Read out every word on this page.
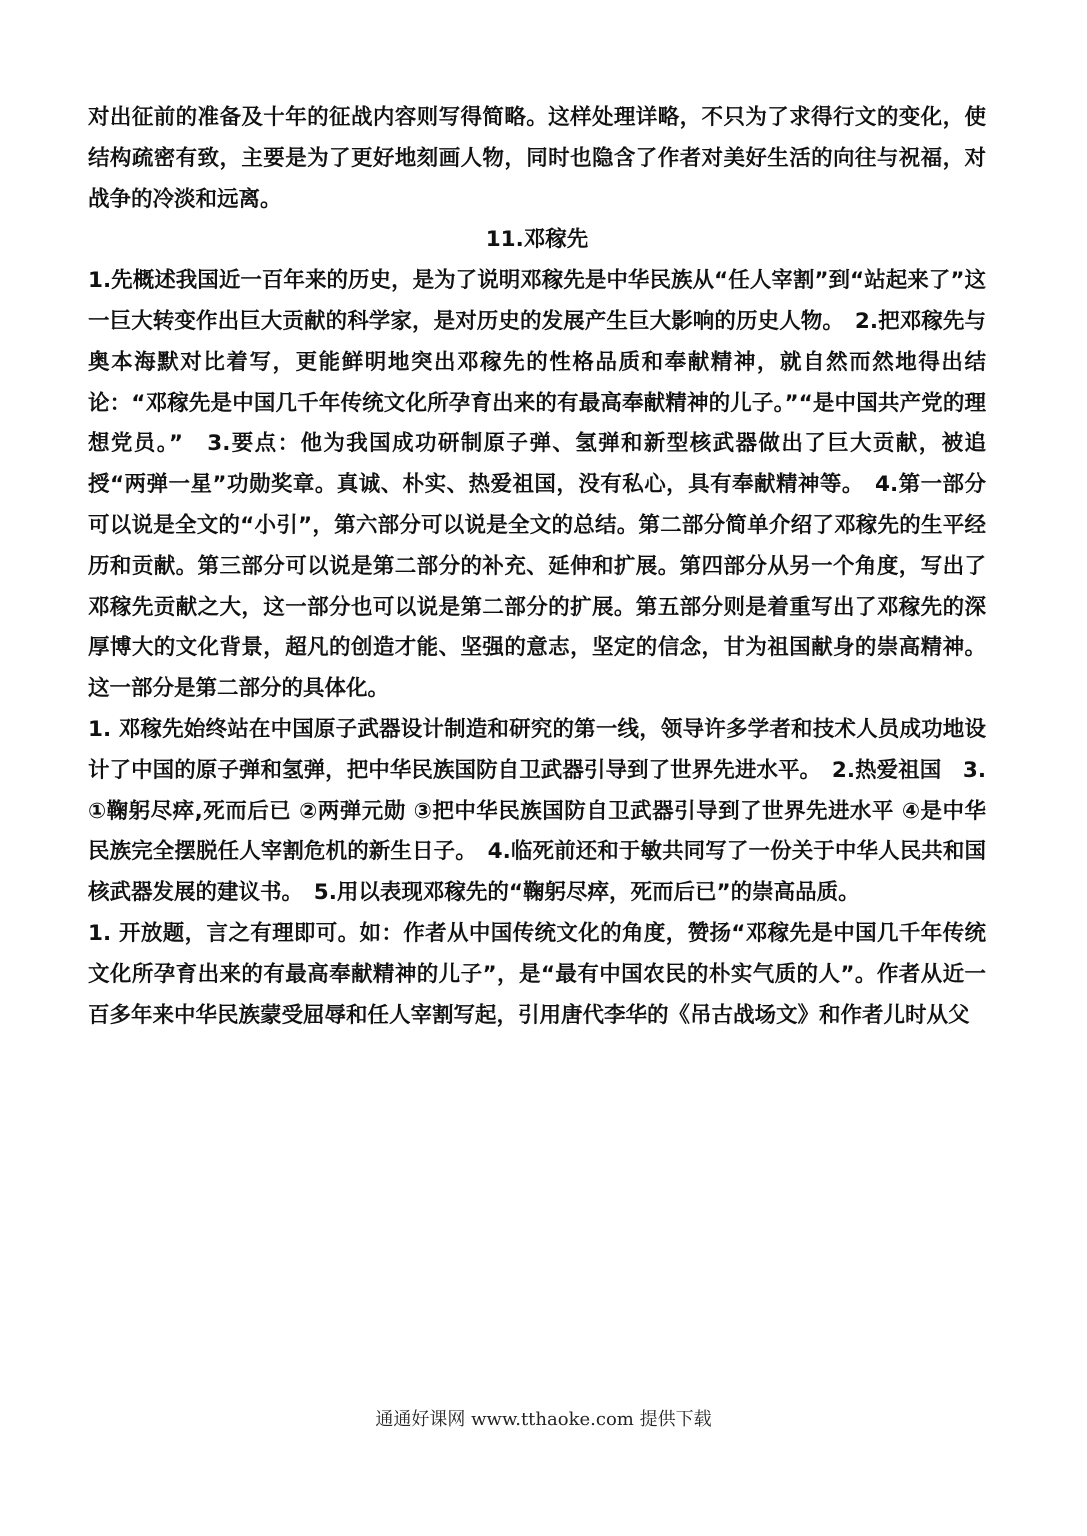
对出征前的准备及十年的征战内容则写得简略。这样处理详略，不只为了求得行文的变化，使结构疏密有致，主要是为了更好地刻画人物，同时也隐含了作者对美好生活的向往与祝福，对战争的冷淡和远离。

11.邓稼先

1.先概述我国近一百年来的历史，是为了说明邓稼先是中华民族从“任人宰割”到“站起来了”这一巨大转变作出巨大贡献的科学家，是对历史的发展产生巨大影响的历史人物。　2.把邓稼先与奥本海默对比着写，更能鲜明地突出邓稼先的性格品质和奉献精神，就自然而然地得出结论：“邓稼先是中国几千年传统文化所孕育出来的有最高奉献精神的儿子。”“是中国共产党的理想党员。”　3.要点：他为我国成功研制原子弹、氢弹和新型核武器做出了巨大贡献，被追授“两弹一星”功勋奖章。真诚、朴实、热爱祖国，没有私心，具有奉献精神等。　4.第一部分可以说是全文的“小引”，第六部分可以说是全文的总结。第二部分简单介绍了邓稼先的生平经历和贡献。第三部分可以说是第二部分的补充、延伸和扩展。第四部分从另一个角度，写出了邓稼先贡献之大，这一部分也可以说是第二部分的扩展。第五部分则是着重写出了邓稼先的深厚博大的文化背景，超凡的创造才能、坚强的意志，坚定的信念，甘为祖国献身的崇高精神。这一部分是第二部分的具体化。

1. 邓稼先始终站在中国原子武器设计制造和研究的第一线，领导许多学者和技术人员成功地设计了中国的原子弹和氢弹，把中华民族国防自卫武器引导到了世界先进水平。　2.热爱祖国　3. ①鞠躬尽瘁,死而后已 ②两弹元勋 ③把中华民族国防自卫武器引导到了世界先进水平 ④是中华民族完全摆脱任人宰割危机的新生日子。　4.临死前还和于敏共同写了一份关于中华人民共和国核武器发展的建议书。　5.用以表现邓稼先的“鞠躬尽瘁，死而后已”的崇高品质。

1. 开放题，言之有理即可。如：作者从中国传统文化的角度，赞扬“邓稼先是中国几千年传统文化所孕育出来的有最高奉献精神的儿子”，是“最有中国农民的朴实气质的人”。作者从近一百多年来中华民族蒙受屈辱和任人宰割写起，引用唐代李华的《吊古战场文》和作者儿时从父

通通好课网 www.tthaoke.com 提供下载
